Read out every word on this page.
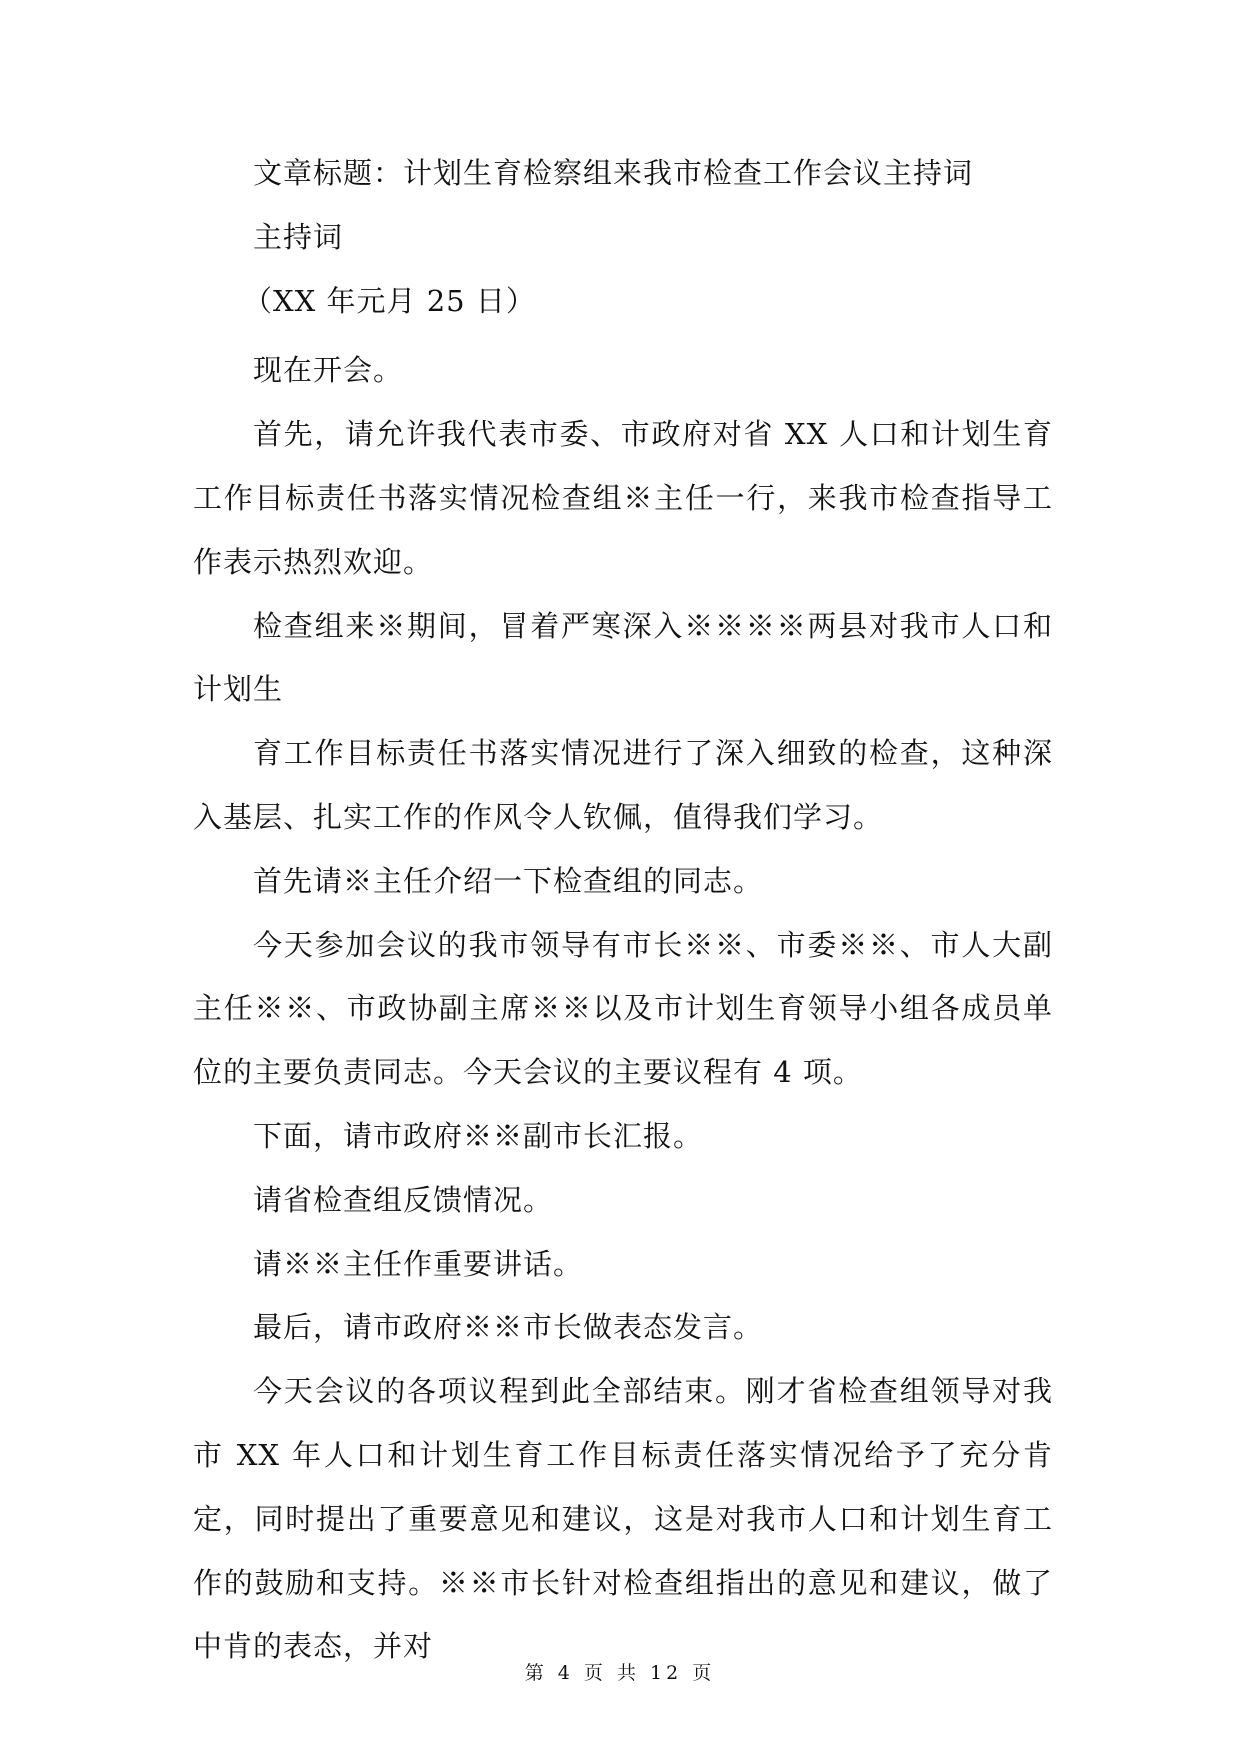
文章标题：计划生育检察组来我市检查工作会议主持词
主持词
（XX 年元月 25 日）

现在开会。

首先，请允许我代表市委、市政府对省 XX 人口和计划生育工作目标责任书落实情况检查组※主任一行，来我市检查指导工作表示热烈欢迎。

检查组来※期间，冒着严寒深入※※※※两县对我市人口和计划生

育工作目标责任书落实情况进行了深入细致的检查，这种深入基层、扎实工作的作风令人钦佩，值得我们学习。

首先请※主任介绍一下检查组的同志。

今天参加会议的我市领导有市长※※、市委※※、市人大副主任※※、市政协副主席※※以及市计划生育领导小组各成员单位的主要负责同志。今天会议的主要议程有 4 项。

下面，请市政府※※副市长汇报。

请省检查组反馈情况。

请※※主任作重要讲话。

最后，请市政府※※市长做表态发言。

今天会议的各项议程到此全部结束。刚才省检查组领导对我市 XX 年人口和计划生育工作目标责任落实情况给予了充分肯定，同时提出了重要意见和建议，这是对我市人口和计划生育工作的鼓励和支持。※※市长针对检查组指出的意见和建议，做了中肯的表态，并对

第 4 页 共 12 页
